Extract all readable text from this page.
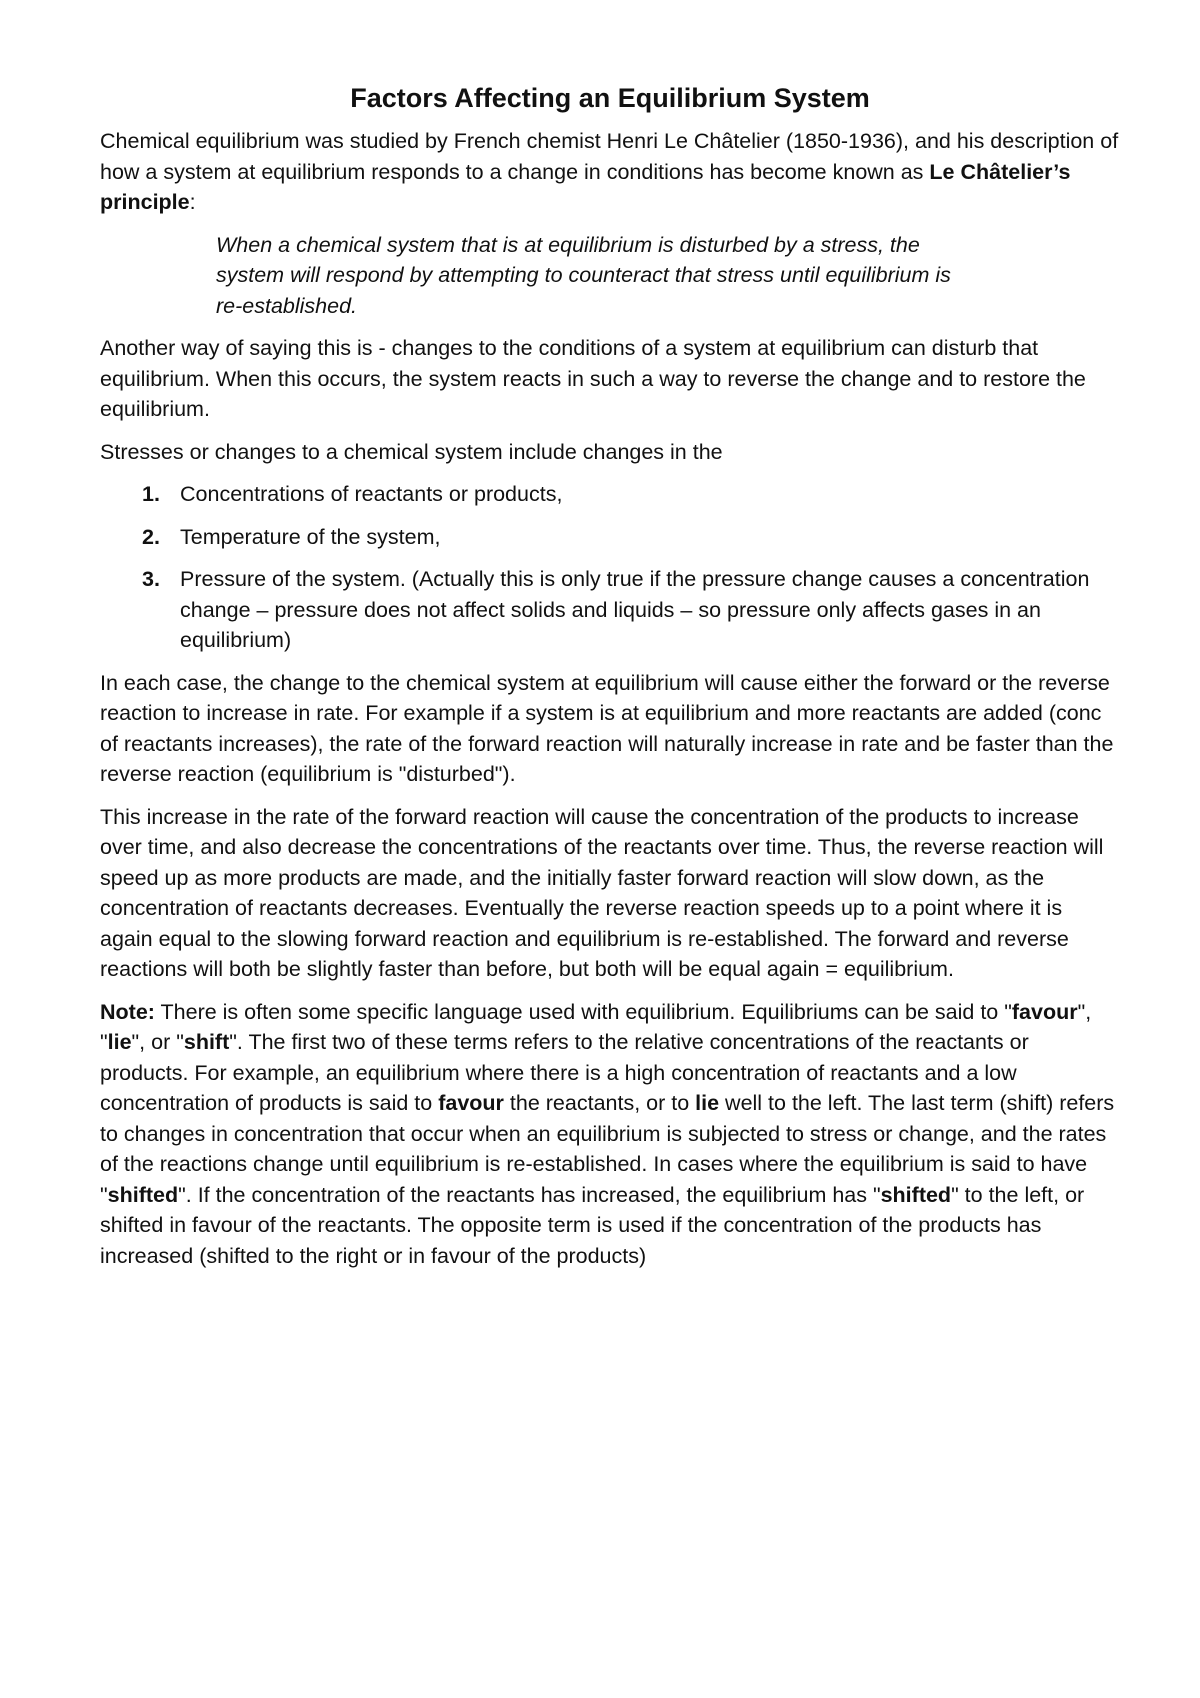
Factors Affecting an Equilibrium System

Chemical equilibrium was studied by French chemist Henri Le Châtelier (1850-1936), and his description of how a system at equilibrium responds to a change in conditions has become known as Le Châtelier’s principle:

When a chemical system that is at equilibrium is disturbed by a stress, the system will respond by attempting to counteract that stress until equilibrium is re-established.

Another way of saying this is - changes to the conditions of a system at equilibrium can disturb that equilibrium. When this occurs, the system reacts in such a way to reverse the change and to restore the equilibrium.

Stresses or changes to a chemical system include changes in the

1. Concentrations of reactants or products,
2. Temperature of the system,
3. Pressure of the system. (Actually this is only true if the pressure change causes a concentration change – pressure does not affect solids and liquids – so pressure only affects gases in an equilibrium)

In each case, the change to the chemical system at equilibrium will cause either the forward or the reverse reaction to increase in rate. For example if a system is at equilibrium and more reactants are added (conc of reactants increases), the rate of the forward reaction will naturally increase in rate and be faster than the reverse reaction (equilibrium is "disturbed").

This increase in the rate of the forward reaction will cause the concentration of the products to increase over time, and also decrease the concentrations of the reactants over time. Thus, the reverse reaction will speed up as more products are made, and the initially faster forward reaction will slow down, as the concentration of reactants decreases. Eventually the reverse reaction speeds up to a point where it is again equal to the slowing forward reaction and equilibrium is re-established. The forward and reverse reactions will both be slightly faster than before, but both will be equal again = equilibrium.

Note: There is often some specific language used with equilibrium. Equilibriums can be said to "favour", "lie", or "shift". The first two of these terms refers to the relative concentrations of the reactants or products. For example, an equilibrium where there is a high concentration of reactants and a low concentration of products is said to favour the reactants, or to lie well to the left. The last term (shift) refers to changes in concentration that occur when an equilibrium is subjected to stress or change, and the rates of the reactions change until equilibrium is re-established. In cases where the equilibrium is said to have "shifted". If the concentration of the reactants has increased, the equilibrium has "shifted" to the left, or shifted in favour of the reactants. The opposite term is used if the concentration of the products has increased (shifted to the right or in favour of the products)
